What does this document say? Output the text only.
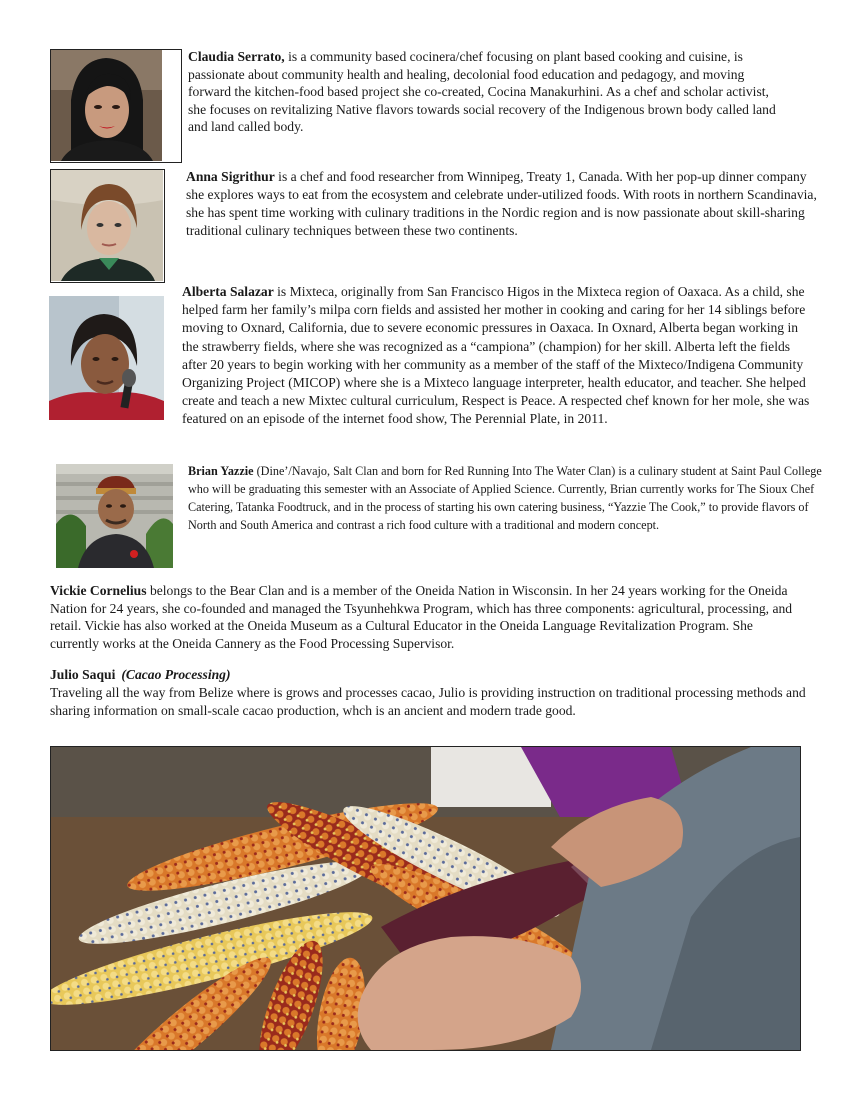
Claudia Serrato, is a community based cocinera/chef focusing on plant based cooking and cuisine, is passionate about community health and healing, decolonial food education and pedagogy, and moving forward the kitchen-food based project she co-created, Cocina Manakurhini. As a chef and scholar activist, she focuses on revitalizing Native flavors towards social recovery of the Indigenous brown body called land and land called body.

Anna Sigrithur is a chef and food researcher from Winnipeg, Treaty 1, Canada. With her pop-up dinner company she explores ways to eat from the ecosystem and celebrate under-utilized foods. With roots in northern Scandinavia, she has spent time working with culinary traditions in the Nordic region and is now passionate about skill-sharing traditional culinary techniques between these two continents.

Alberta Salazar is Mixteca, originally from San Francisco Higos in the Mixteca region of Oaxaca. As a child, she helped farm her family’s milpa corn fields and assisted her mother in cooking and caring for her 14 siblings before moving to Oxnard, California, due to severe economic pressures in Oaxaca. In Oxnard, Alberta began working in the strawberry fields, where she was recognized as a “campiona” (champion) for her skill. Alberta left the fields after 20 years to begin working with her community as a member of the staff of the Mixteco/Indigena Community Organizing Project (MICOP) where she is a Mixteco language interpreter, health educator, and teacher. She helped create and teach a new Mixtec cultural curriculum, Respect is Peace. A respected chef known for her mole, she was featured on an episode of the internet food show, The Perennial Plate, in 2011.

Brian Yazzie (Dine’/Navajo, Salt Clan and born for Red Running Into The Water Clan) is a culinary student at Saint Paul College who will be graduating this semester with an Associate of Applied Science. Currently, Brian currently works for The Sioux Chef Catering, Tatanka Foodtruck, and in the process of starting his own catering business, “Yazzie The Cook,” to provide flavors of North and South America and contrast a rich food culture with a traditional and modern concept.

Vickie Cornelius belongs to the Bear Clan and is a member of the Oneida Nation in Wisconsin. In her 24 years working for the Oneida Nation for 24 years, she co-founded and managed the Tsyunhehkwa Program, which has three components: agricultural, processing, and retail. Vickie has also worked at the Oneida Museum as a Cultural Educator in the Oneida Language Revitalization Program. She currently works at the Oneida Cannery as the Food Processing Supervisor.

Julio Saqui (Cacao Processing)

Traveling all the way from Belize where is grows and processes cacao, Julio is providing instruction on traditional processing methods and sharing information on small-scale cacao production, whch is an ancient and modern trade good.
